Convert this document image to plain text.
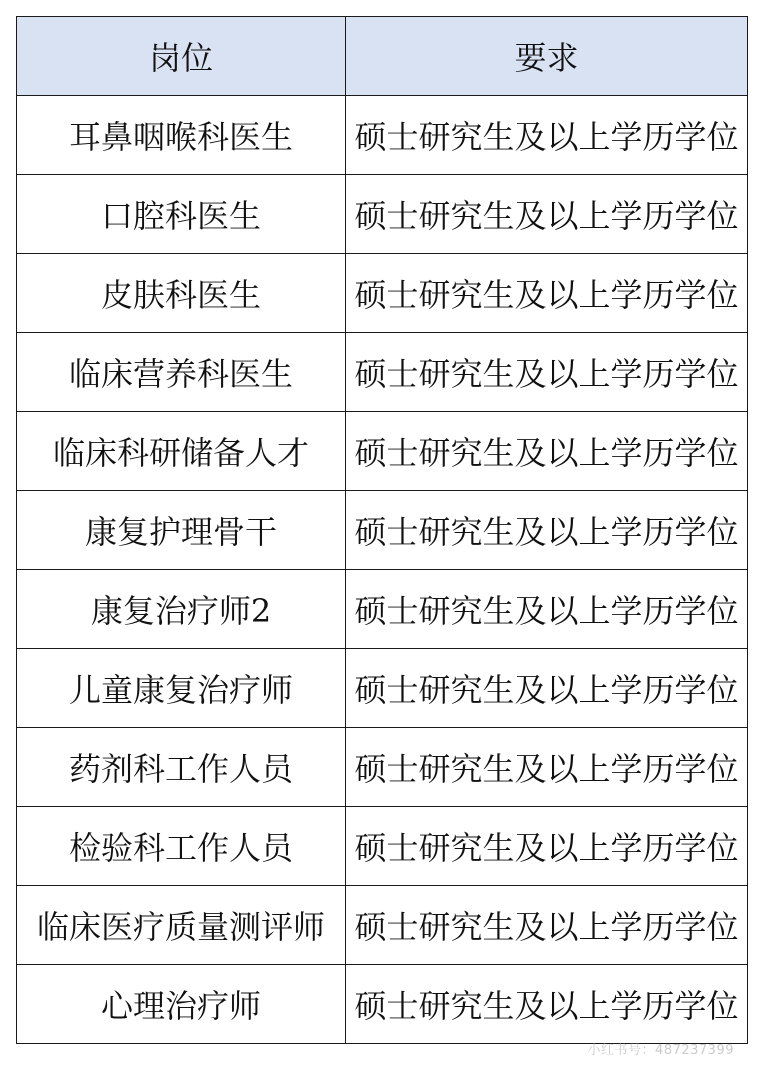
岗位	要求
耳鼻咽喉科医生	硕士研究生及以上学历学位
口腔科医生	硕士研究生及以上学历学位
皮肤科医生	硕士研究生及以上学历学位
临床营养科医生	硕士研究生及以上学历学位
临床科研储备人才	硕士研究生及以上学历学位
康复护理骨干	硕士研究生及以上学历学位
康复治疗师2	硕士研究生及以上学历学位
儿童康复治疗师	硕士研究生及以上学历学位
药剂科工作人员	硕士研究生及以上学历学位
检验科工作人员	硕士研究生及以上学历学位
临床医疗质量测评师	硕士研究生及以上学历学位
心理治疗师	硕士研究生及以上学历学位
小红书号：487237399
